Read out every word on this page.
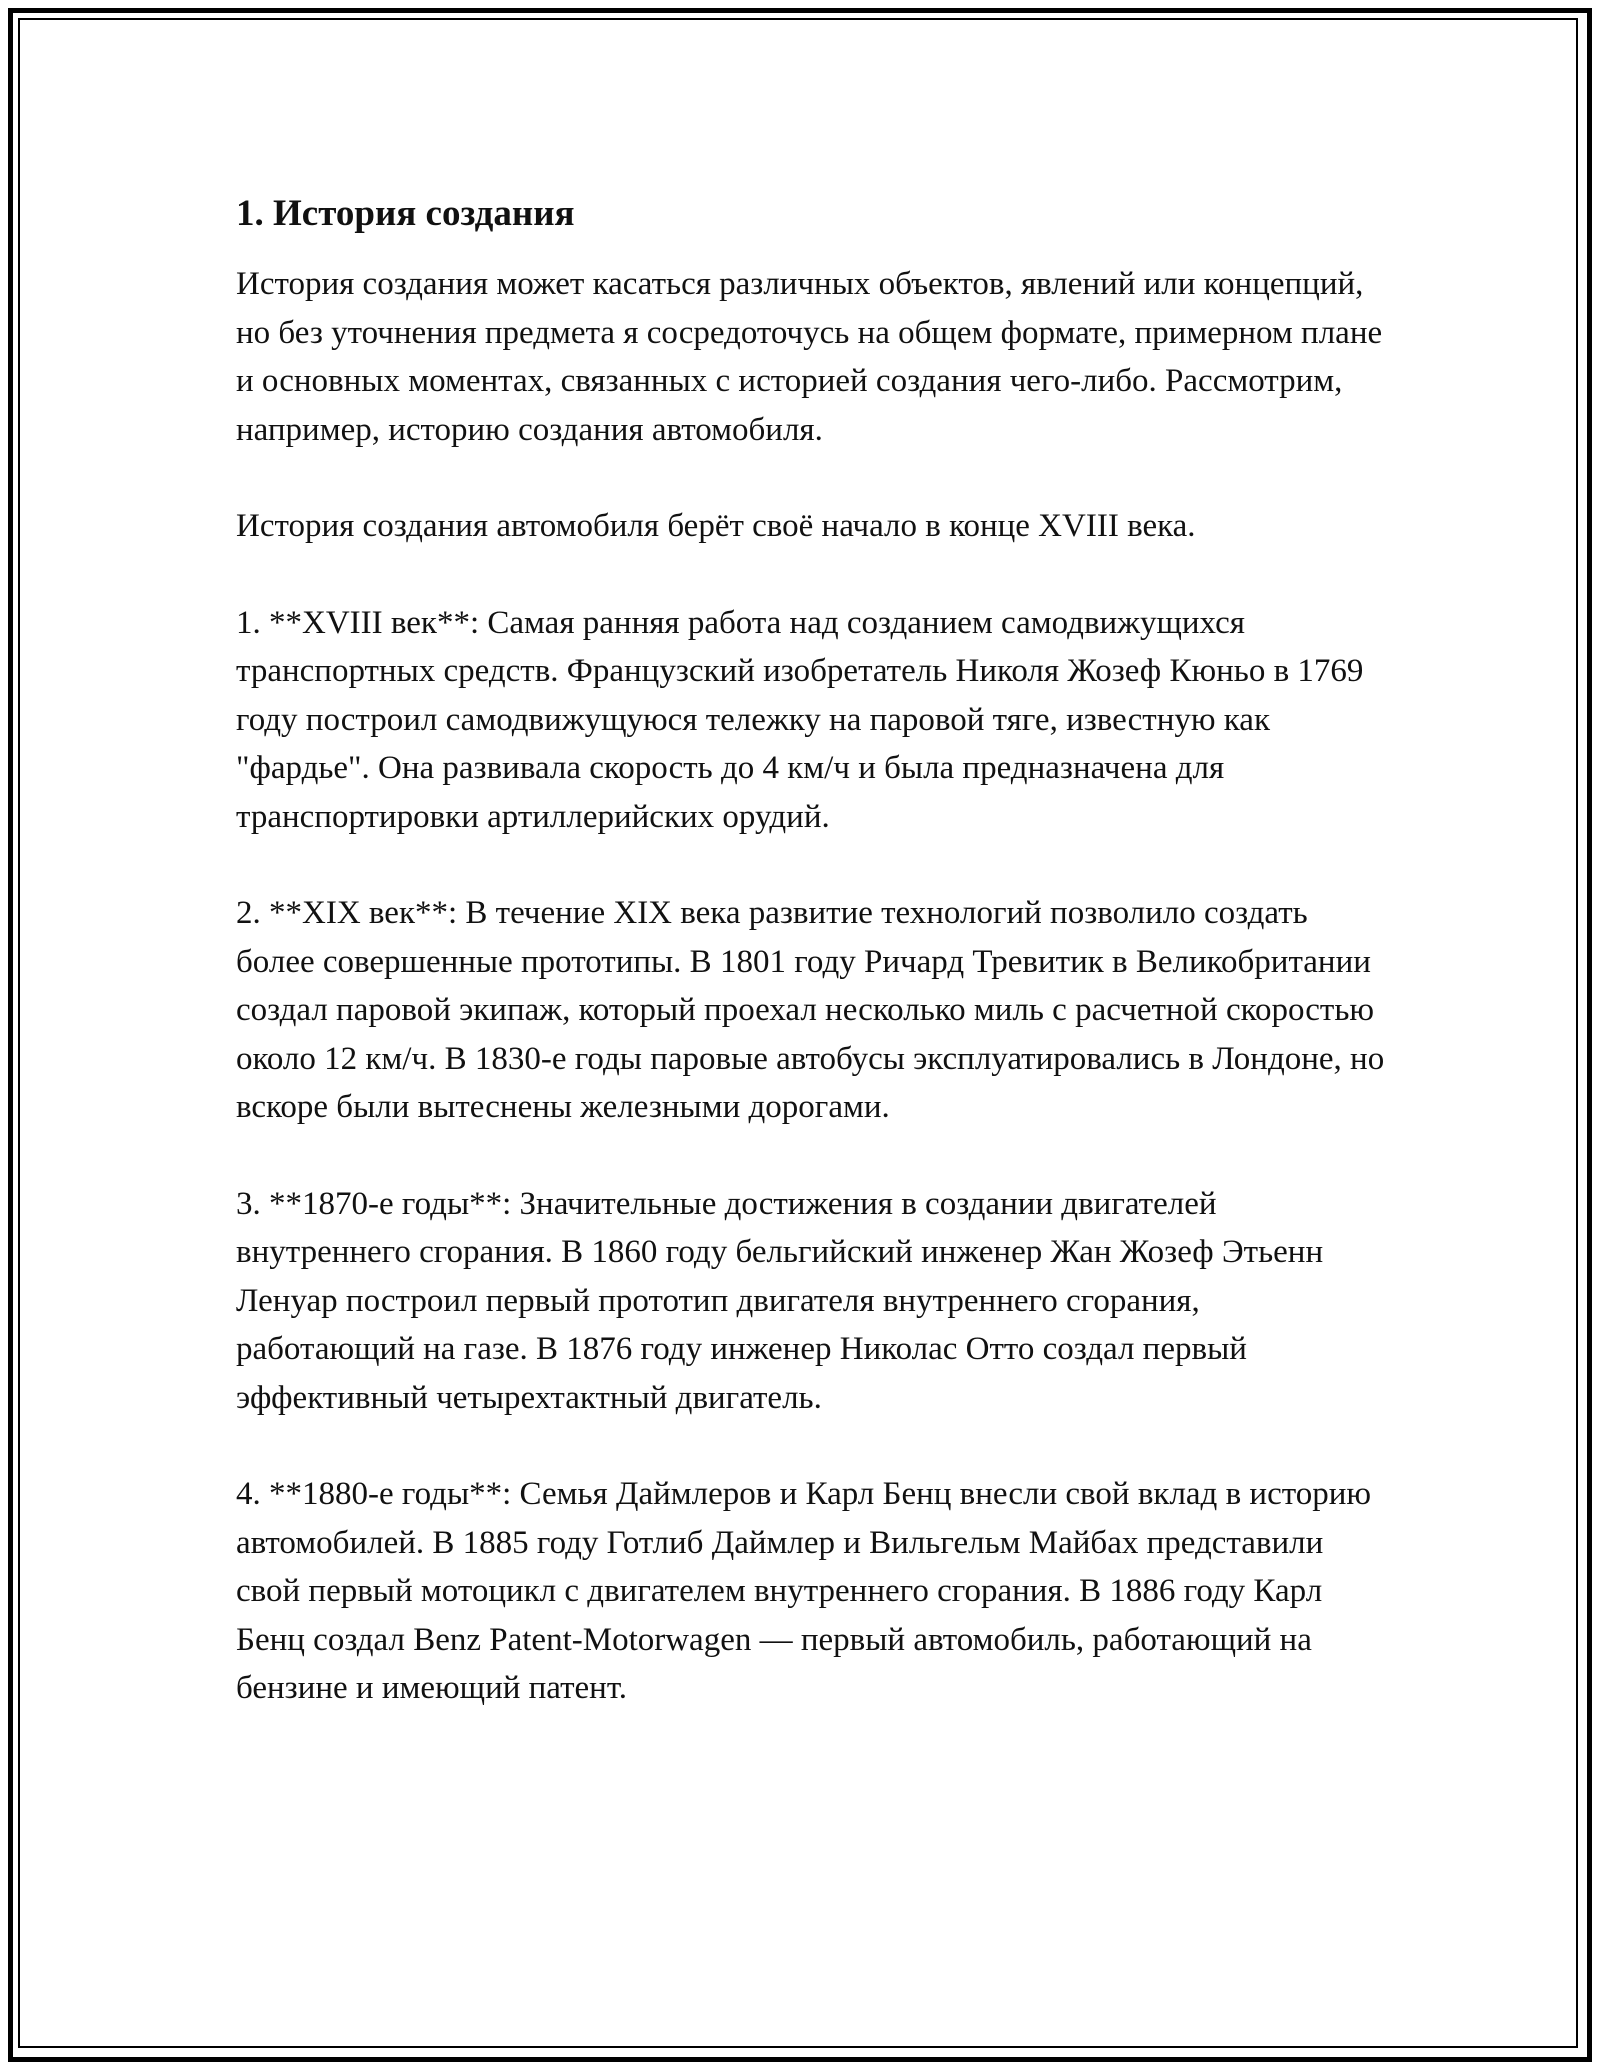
1. История создания

История создания может касаться различных объектов, явлений или концепций, но без уточнения предмета я сосредоточусь на общем формате, примерном плане и основных моментах, связанных с историей создания чего-либо. Рассмотрим, например, историю создания автомобиля.

История создания автомобиля берёт своё начало в конце XVIII века.

1. **XVIII век**: Самая ранняя работа над созданием самодвижущихся транспортных средств. Французский изобретатель Николя Жозеф Кюньо в 1769 году построил самодвижущуюся тележку на паровой тяге, известную как "фардье". Она развивала скорость до 4 км/ч и была предназначена для транспортировки артиллерийских орудий.

2. **XIX век**: В течение XIX века развитие технологий позволило создать более совершенные прототипы. В 1801 году Ричард Тревитик в Великобритании создал паровой экипаж, который проехал несколько миль с расчетной скоростью около 12 км/ч. В 1830-е годы паровые автобусы эксплуатировались в Лондоне, но вскоре были вытеснены железными дорогами.

3. **1870-е годы**: Значительные достижения в создании двигателей внутреннего сгорания. В 1860 году бельгийский инженер Жан Жозеф Этьенн Ленуар построил первый прототип двигателя внутреннего сгорания, работающий на газе. В 1876 году инженер Николас Отто создал первый эффективный четырехтактный двигатель.

4. **1880-е годы**: Семья Даймлеров и Карл Бенц внесли свой вклад в историю автомобилей. В 1885 году Готлиб Даймлер и Вильгельм Майбах представили свой первый мотоцикл с двигателем внутреннего сгорания. В 1886 году Карл Бенц создал Benz Patent-Motorwagen — первый автомобиль, работающий на бензине и имеющий патент.
